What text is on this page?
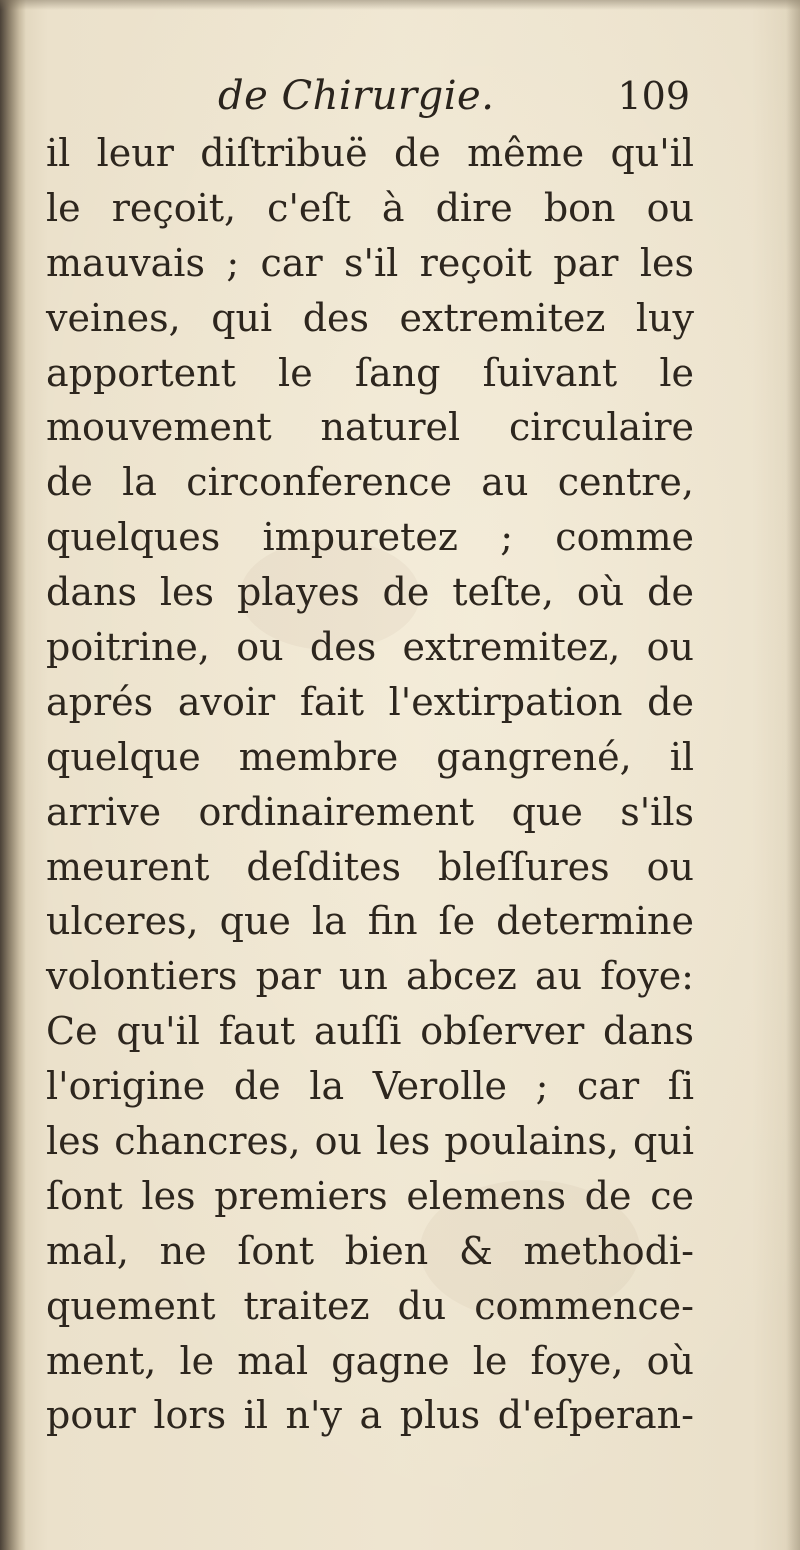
de Chirurgie.	109
il leur diſtribuë de même qu'il
le reçoit, c'eſt à dire bon ou
mauvais ; car s'il reçoit par les
veines, qui des extremitez luy
apportent le ſang ſuivant le
mouvement naturel circulaire
de la circonference au centre,
quelques impuretez ; comme
dans les playes de teſte, où de
poitrine, ou des extremitez, ou
aprés avoir fait l'extirpation de
quelque membre gangrené, il
arrive ordinairement que s'ils
meurent deſdites bleſſures ou
ulceres, que la fin ſe determine
volontiers par un abcez au foye:
Ce qu'il faut auſſi obſerver dans
l'origine de la Verolle ; car ſi
les chancres, ou les poulains, qui
ſont les premiers elemens de ce
mal, ne ſont bien & methodi-
quement traitez du commence-
ment, le mal gagne le foye, où
pour lors il n'y a plus d'eſperan-
